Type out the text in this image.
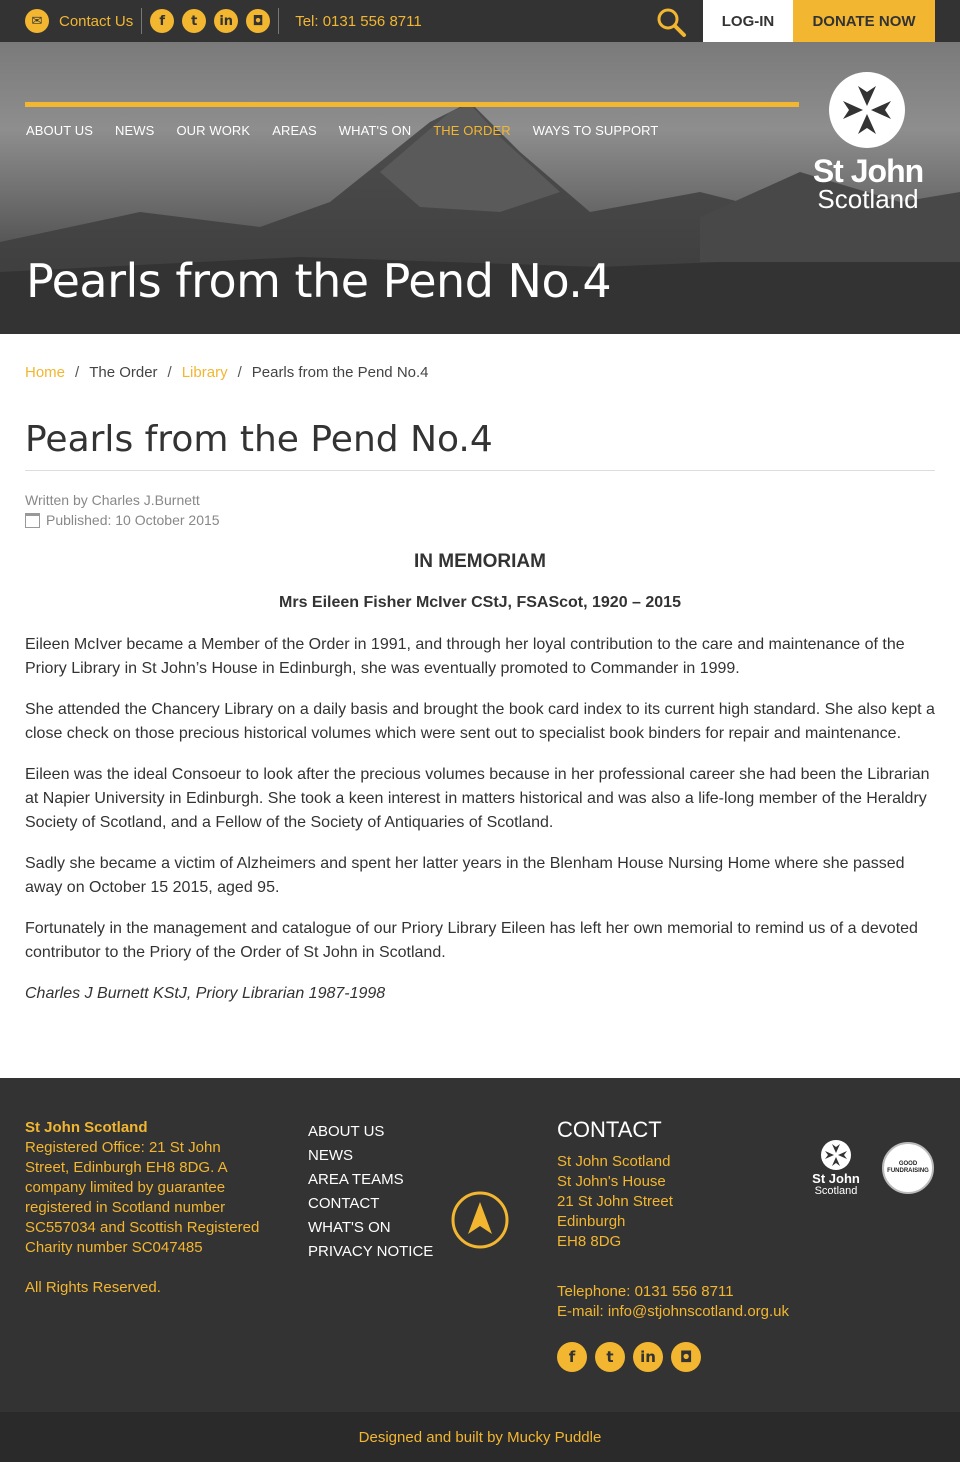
✉	Contact Us	f	t	in	◘	Tel: 0131 556 8711	LOG-IN	DONATE NOW
ABOUT US NEWS OUR WORK AREAS WHAT'S ON THE ORDER WAYS TO SUPPORT
St John
Scotland
Pearls from the Pend No.4
Home / The Order / Library / Pearls from the Pend No.4
Pearls from the Pend No.4
Written by Charles J.Burnett
Published: 10 October 2015
IN MEMORIAM
Mrs Eileen Fisher McIver CStJ, FSAScot, 1920 – 2015

Eileen McIver became a Member of the Order in 1991, and through her loyal contribution to the care and maintenance of the Priory Library in St John’s House in Edinburgh, she was eventually promoted to Commander in 1999.

She attended the Chancery Library on a daily basis and brought the book card index to its current high standard. She also kept a close check on those precious historical volumes which were sent out to specialist book binders for repair and maintenance.

Eileen was the ideal Consoeur to look after the precious volumes because in her professional career she had been the Librarian at Napier University in Edinburgh. She took a keen interest in matters historical and was also a life-long member of the Heraldry Society of Scotland, and a Fellow of the Society of Antiquaries of Scotland.

Sadly she became a victim of Alzheimers and spent her latter years in the Blenham House Nursing Home where she passed away on October 15 2015, aged 95.

Fortunately in the management and catalogue of our Priory Library Eileen has left her own memorial to remind us of a devoted contributor to the Priory of the Order of St John in Scotland.

Charles J Burnett KStJ, Priory Librarian 1987-1998

St John Scotland
Registered Office: 21 St John Street, Edinburgh EH8 8DG. A company limited by guarantee registered in Scotland number SC557034 and Scottish Registered Charity number SC047485
All Rights Reserved.
ABOUT US
NEWS
AREA TEAMS
CONTACT
WHAT'S ON
PRIVACY NOTICE
CONTACT
St John Scotland
St John's House
21 St John Street
Edinburgh
EH8 8DG
Telephone: 0131 556 8711
E-mail: info@stjohnscotland.org.uk
f	t	in	◘
St John
Scotland
GOOD FUNDRAISING
Designed and built by Mucky Puddle
